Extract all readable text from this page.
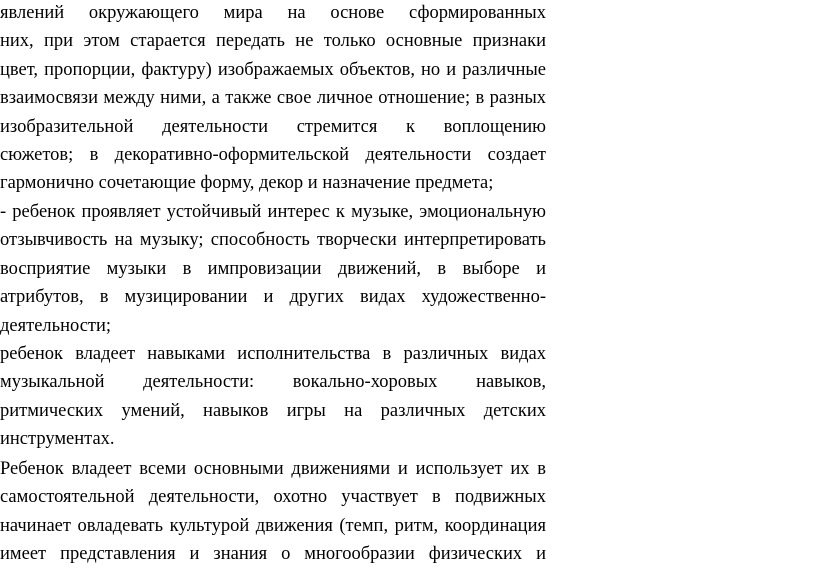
явлений окружающего мира на основе сформированных
них, при этом старается передать не только основные признаки
цвет, пропорции, фактуру) изображаемых объектов, но и различные
взаимосвязи между ними, а также свое личное отношение; в разных
изобразительной деятельности стремится к воплощению
сюжетов; в декоративно-оформительской деятельности создает
гармонично сочетающие форму, декор и назначение предмета;
- ребенок проявляет устойчивый интерес к музыке, эмоциональную
отзывчивость на музыку; способность творчески интерпретировать
восприятие музыки в импровизации движений, в выборе и
атрибутов, в музицировании и других видах художественно-
деятельности;
ребенок владеет навыками исполнительства в различных видах
музыкальной деятельности: вокально-хоровых навыков,
ритмических умений, навыков игры на различных детских
инструментах.
Ребенок владеет всеми основными движениями и использует их в
самостоятельной деятельности, охотно участвует в подвижных
начинает овладевать культурой движения (темп, ритм, координация
имеет представления и знания о многообразии физических и
